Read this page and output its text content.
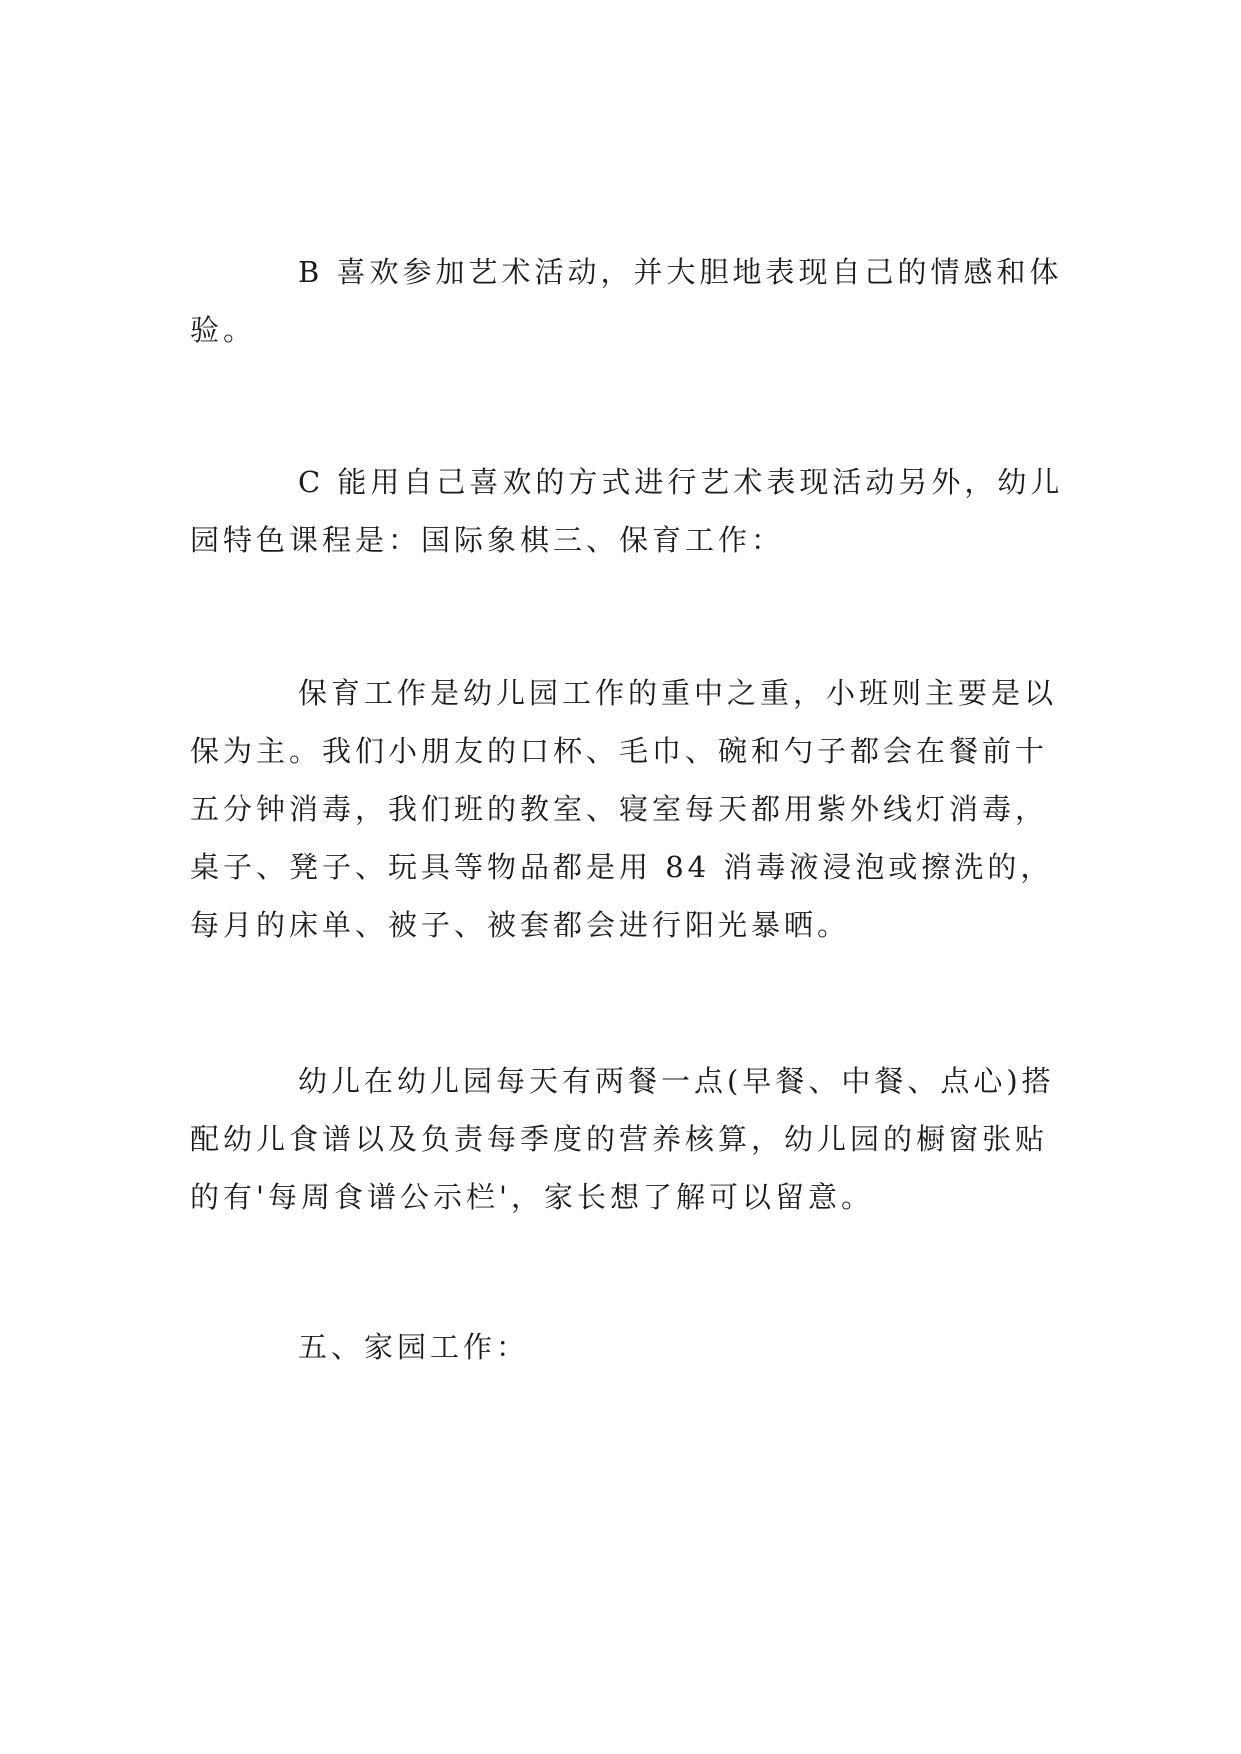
B 喜欢参加艺术活动，并大胆地表现自己的情感和体
验。

C 能用自己喜欢的方式进行艺术表现活动另外，幼儿
园特色课程是：国际象棋三、保育工作：

保育工作是幼儿园工作的重中之重，小班则主要是以
保为主。我们小朋友的口杯、毛巾、碗和勺子都会在餐前十
五分钟消毒，我们班的教室、寝室每天都用紫外线灯消毒，
桌子、凳子、玩具等物品都是用 84 消毒液浸泡或擦洗的，
每月的床单、被子、被套都会进行阳光暴晒。

幼儿在幼儿园每天有两餐一点(早餐、中餐、点心)搭
配幼儿食谱以及负责每季度的营养核算，幼儿园的橱窗张贴
的有'每周食谱公示栏'，家长想了解可以留意。

五、家园工作：
